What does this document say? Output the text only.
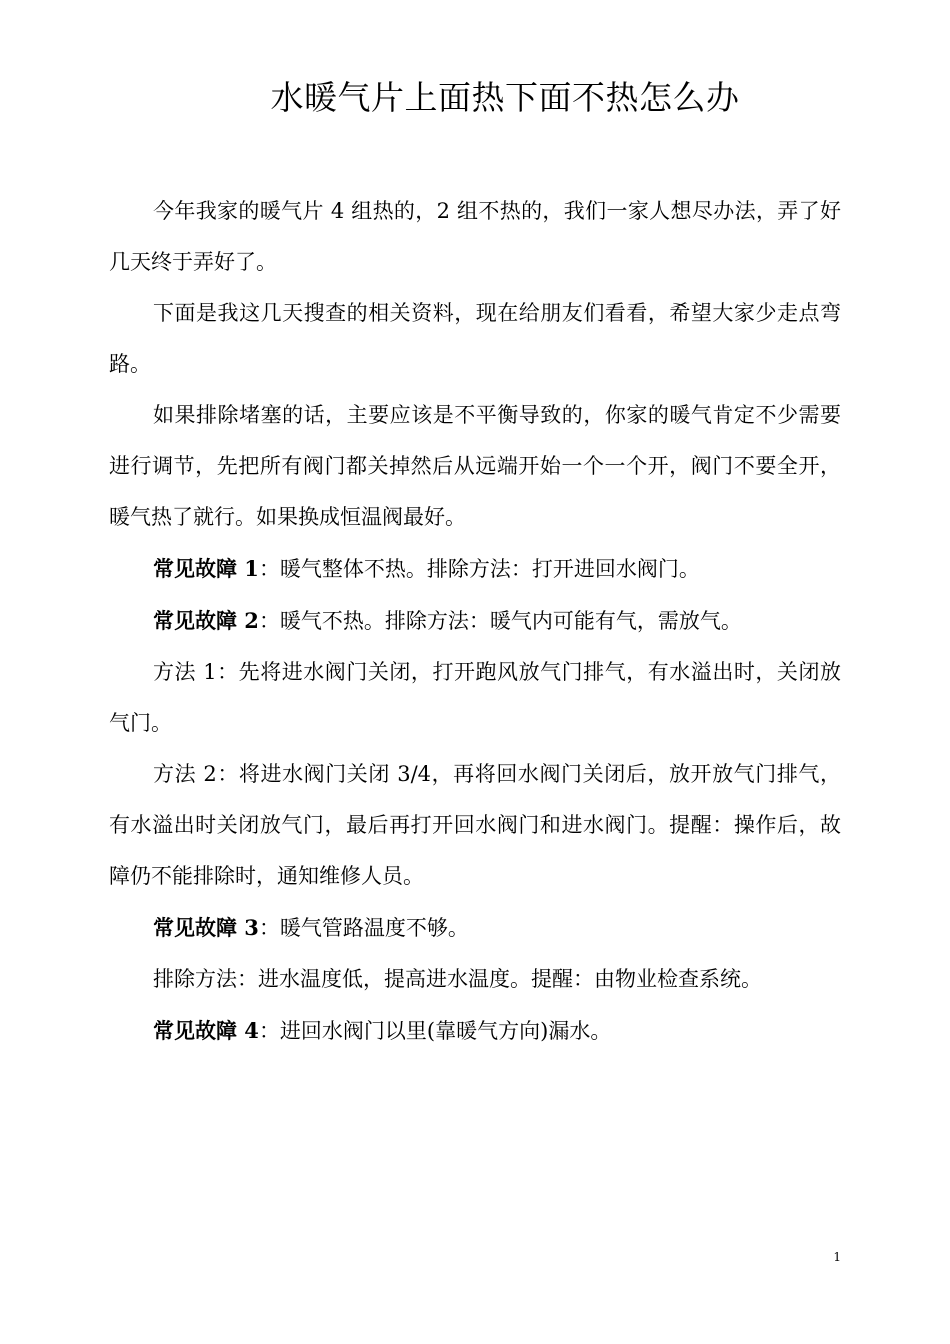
水暖气片上面热下面不热怎么办

今年我家的暖气片 4 组热的，2 组不热的，我们一家人想尽办法，弄了好几天终于弄好了。

下面是我这几天搜查的相关资料，现在给朋友们看看，希望大家少走点弯路。

如果排除堵塞的话，主要应该是不平衡导致的，你家的暖气肯定不少需要进行调节，先把所有阀门都关掉然后从远端开始一个一个开，阀门不要全开，暖气热了就行。如果换成恒温阀最好。

常见故障 1：暖气整体不热。排除方法：打开进回水阀门。

常见故障 2：暖气不热。排除方法：暖气内可能有气，需放气。

方法 1：先将进水阀门关闭，打开跑风放气门排气，有水溢出时，关闭放气门。

方法 2：将进水阀门关闭 3/4，再将回水阀门关闭后，放开放气门排气，有水溢出时关闭放气门，最后再打开回水阀门和进水阀门。提醒：操作后，故障仍不能排除时，通知维修人员。

常见故障 3：暖气管路温度不够。

排除方法：进水温度低，提高进水温度。提醒：由物业检查系统。

常见故障 4：进回水阀门以里(靠暖气方向)漏水。

1
